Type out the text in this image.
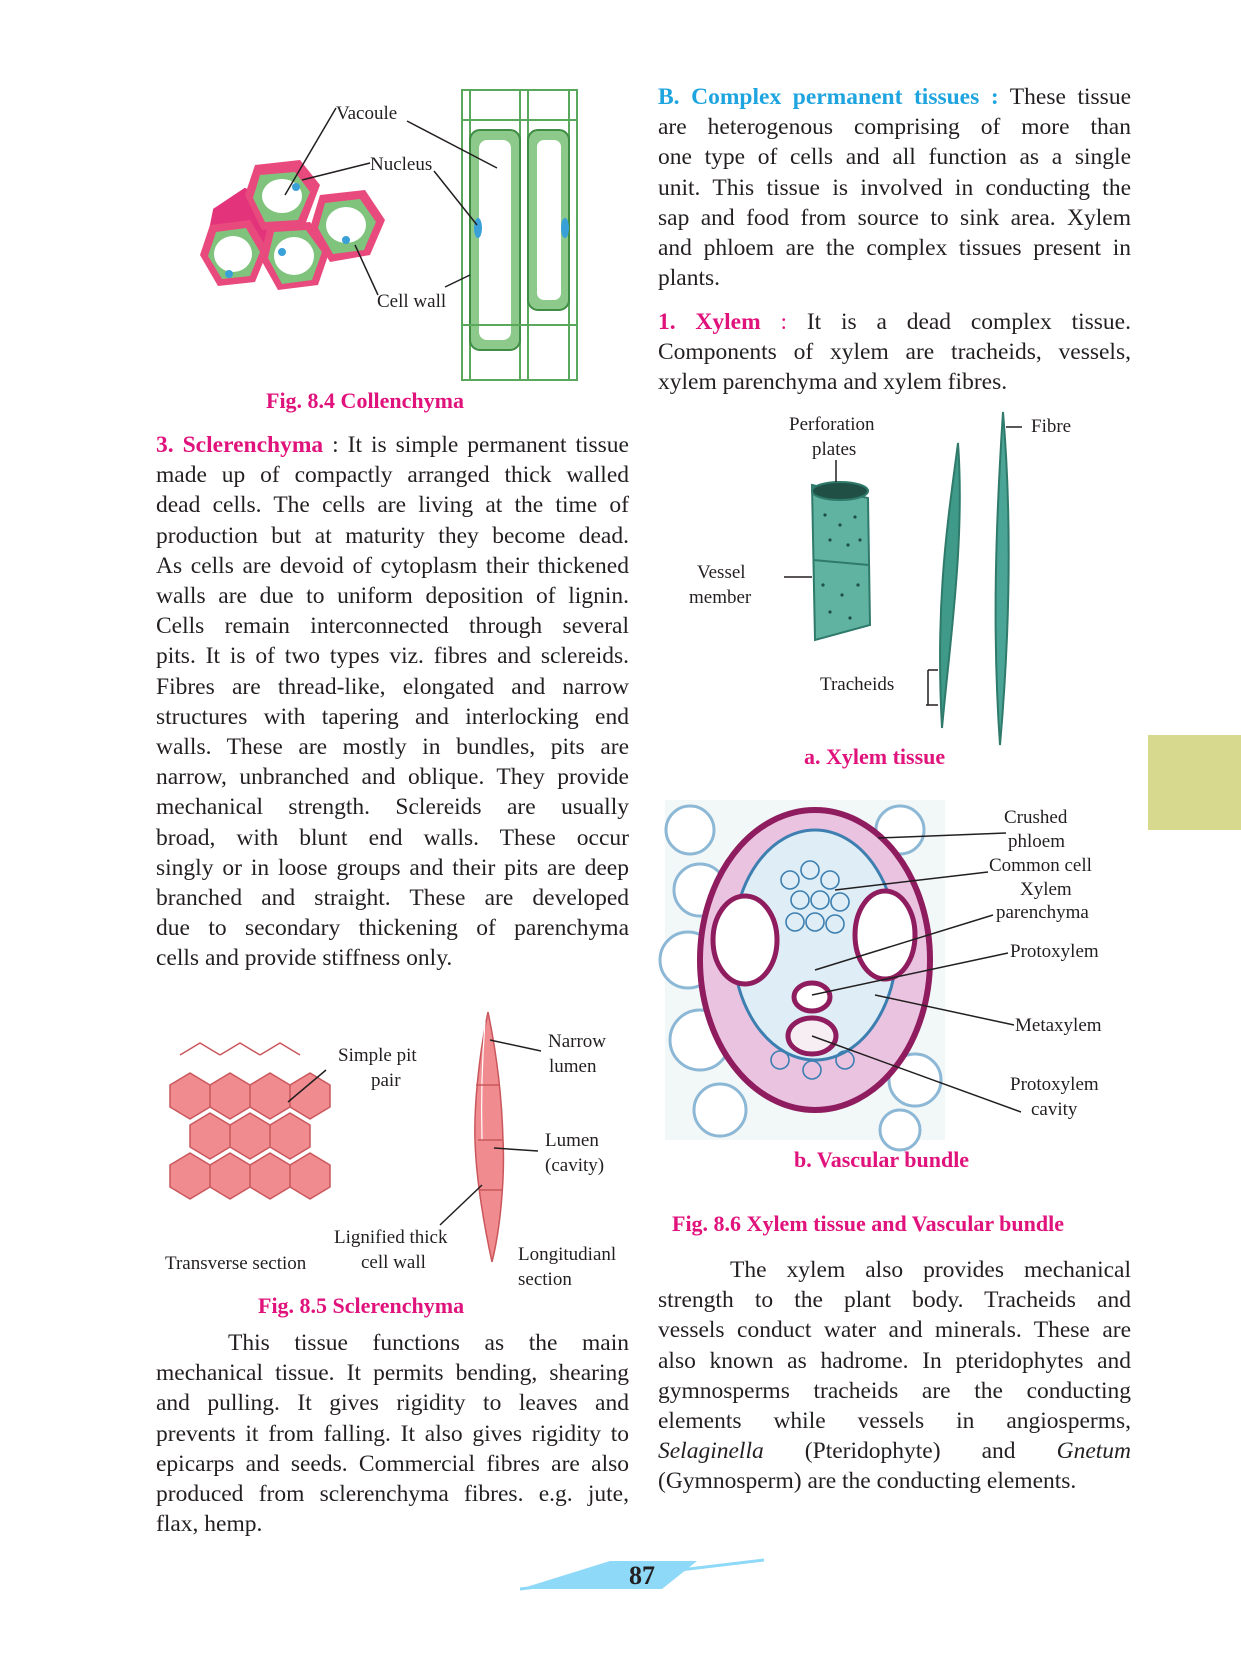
Vacoule
Nucleus
Cell wall
Fig. 8.4 Collenchyma
3. Sclerenchyma : It is simple permanent tissue
made up of compactly arranged thick walled
dead cells. The cells are living at the time of
production but at maturity they become dead.
As cells are devoid of cytoplasm their thickened
walls are due to uniform deposition of lignin.
Cells remain interconnected through several
pits. It is of two types viz. fibres and sclereids.
Fibres are thread-like, elongated and narrow
structures with tapering and interlocking end
walls. These are mostly in bundles, pits are
narrow, unbranched and oblique. They provide
mechanical strength. Sclereids are usually
broad, with blunt end walls. These occur
singly or in loose groups and their pits are deep
branched and straight. These are developed
due to secondary thickening of parenchyma
cells and provide stiffness only.
Simple pit
pair
Narrow
lumen
Lumen
(cavity)
Lignified thick
cell wall
Transverse section	Longitudianl
section
Fig. 8.5 Sclerenchyma
This tissue functions as the main
mechanical tissue. It permits bending, shearing
and pulling. It gives rigidity to leaves and
prevents it from falling. It also gives rigidity to
epicarps and seeds. Commercial fibres are also
produced from sclerenchyma fibres. e.g. jute,
flax, hemp.
B. Complex permanent tissues : These tissue
are heterogenous comprising of more than
one type of cells and all function as a single
unit. This tissue is involved in conducting the
sap and food from source to sink area. Xylem
and phloem are the complex tissues present in
plants.
1. Xylem : It is a dead complex tissue.
Components of xylem are tracheids, vessels,
xylem parenchyma and xylem fibres.
Perforation
plates
Fibre
Vessel
member
Tracheids
a. Xylem tissue
Crushed
phloem
Common cell
Xylem
parenchyma
Protoxylem
Metaxylem
Protoxylem
cavity
b. Vascular bundle
Fig. 8.6 Xylem tissue and Vascular bundle
The xylem also provides mechanical
strength to the plant body. Tracheids and
vessels conduct water and minerals. These are
also known as hadrome. In pteridophytes and
gymnosperms tracheids are the conducting
elements while vessels in angiosperms,
Selaginella (Pteridophyte) and Gnetum
(Gymnosperm) are the conducting elements.
87
